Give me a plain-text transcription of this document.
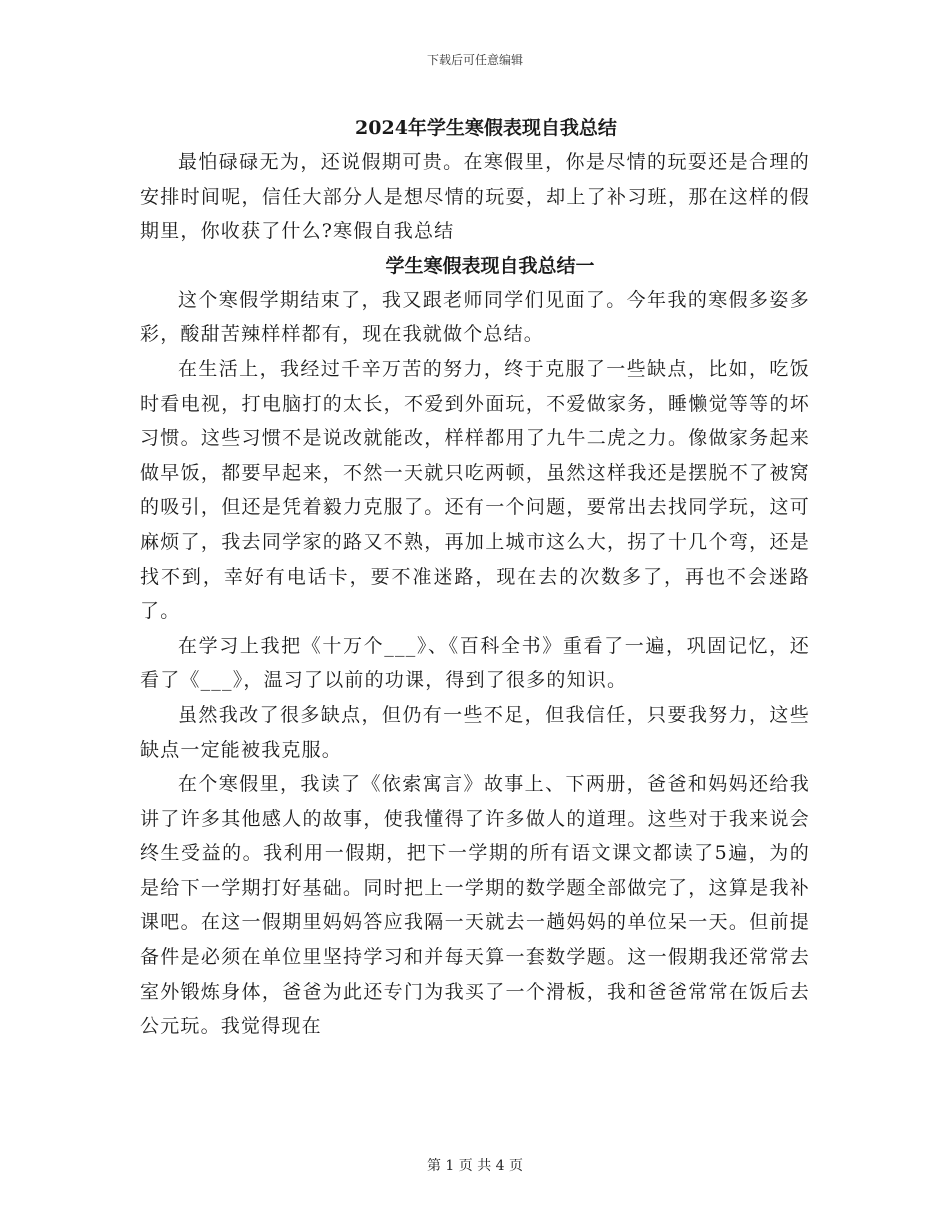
下载后可任意编辑
2024年学生寒假表现自我总结

最怕碌碌无为，还说假期可贵。在寒假里，你是尽情的玩耍还是合理的安排时间呢，信任大部分人是想尽情的玩耍，却上了补习班，那在这样的假期里，你收获了什么?寒假自我总结

学生寒假表现自我总结一

这个寒假学期结束了，我又跟老师同学们见面了。今年我的寒假多姿多彩，酸甜苦辣样样都有，现在我就做个总结。

在生活上，我经过千辛万苦的努力，终于克服了一些缺点，比如，吃饭时看电视，打电脑打的太长，不爱到外面玩，不爱做家务，睡懒觉等等的坏习惯。这些习惯不是说改就能改，样样都用了九牛二虎之力。像做家务起来做早饭，都要早起来，不然一天就只吃两顿，虽然这样我还是摆脱不了被窝的吸引，但还是凭着毅力克服了。还有一个问题，要常出去找同学玩，这可麻烦了，我去同学家的路又不熟，再加上城市这么大，拐了十几个弯，还是找不到，幸好有电话卡，要不准迷路，现在去的次数多了，再也不会迷路了。

在学习上我把《十万个___》、《百科全书》重看了一遍，巩固记忆，还看了《___》，温习了以前的功课，得到了很多的知识。

虽然我改了很多缺点，但仍有一些不足，但我信任，只要我努力，这些缺点一定能被我克服。

在个寒假里，我读了《依索寓言》故事上、下两册，爸爸和妈妈还给我讲了许多其他感人的故事，使我懂得了许多做人的道理。这些对于我来说会终生受益的。我利用一假期，把下一学期的所有语文课文都读了5遍，为的是给下一学期打好基础。同时把上一学期的数学题全部做完了，这算是我补课吧。在这一假期里妈妈答应我隔一天就去一趟妈妈的单位呆一天。但前提备件是必须在单位里坚持学习和并每天算一套数学题。这一假期我还常常去室外锻炼身体，爸爸为此还专门为我买了一个滑板，我和爸爸常常在饭后去公元玩。我觉得现在

第 1 页 共 4 页
